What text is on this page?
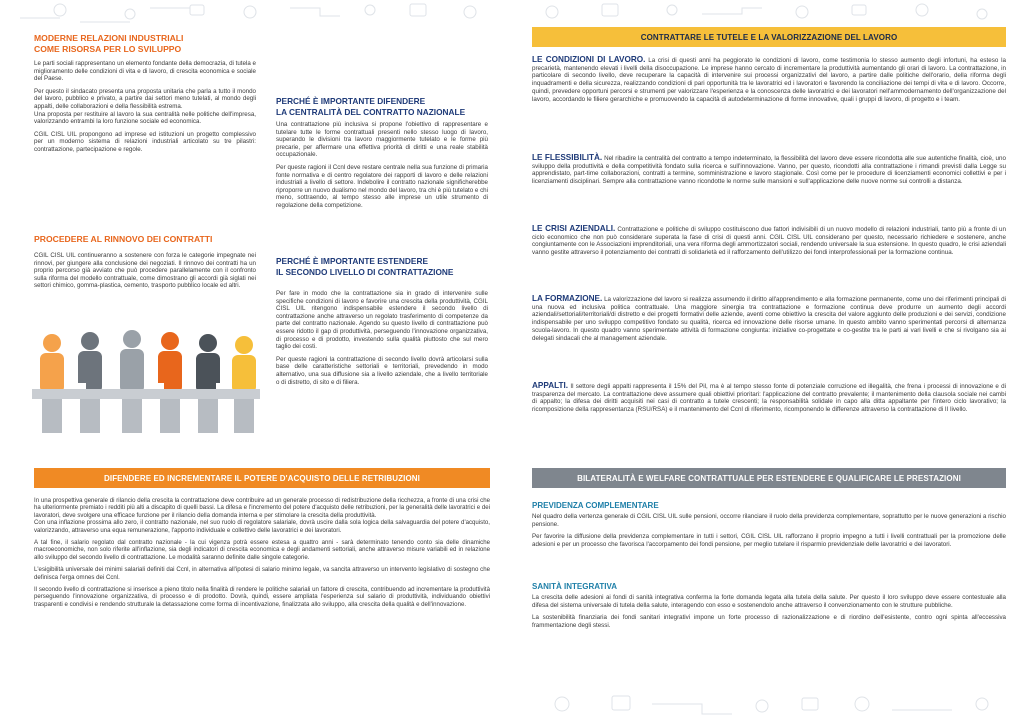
MODERNE RELAZIONI INDUSTRIALI
COME RISORSA PER LO SVILUPPO

Le parti sociali rappresentano un elemento fondante della democrazia, di tutela e miglioramento delle condizioni di vita e di lavoro, di crescita economica e sociale del Paese.

Per questo il sindacato presenta una proposta unitaria che parla a tutto il mondo del lavoro, pubblico e privato, a partire dai settori meno tutelati, al mondo degli appalti, delle collaborazioni e della flessibilità estrema.

Una proposta per restituire al lavoro la sua centralità nelle politiche dell'impresa, valorizzando entrambi la loro funzione sociale ed economica.

CGIL CISL UIL propongono ad imprese ed istituzioni un progetto complessivo per un moderno sistema di relazioni industriali articolato su tre pilastri: contrattazione, partecipazione e regole.

PROCEDERE AL RINNOVO DEI CONTRATTI

CGIL CISL UIL continueranno a sostenere con forza le categorie impegnate nei rinnovi, per giungere alla conclusione dei negoziati. Il rinnovo dei contratti ha un proprio percorso già avviato che può procedere parallelamente con il confronto sulla riforma del modello contrattuale, come dimostrano gli accordi già siglati nei settori chimico, gomma-plastica, cemento, trasporto pubblico locale ed altri.

PERCHÉ È IMPORTANTE DIFENDERE
LA CENTRALITÀ DEL CONTRATTO NAZIONALE

Una contrattazione più inclusiva si propone l'obiettivo di rappresentare e tutelare tutte le forme contrattuali presenti nello stesso luogo di lavoro, superando le divisioni tra lavoro maggiormente tutelato e le forme più precarie, per affermare una effettiva priorità di diritti e una reale stabilità occupazionale.

Per queste ragioni il Ccnl deve restare centrale nella sua funzione di primaria fonte normativa e di centro regolatore dei rapporti di lavoro e delle relazioni industriali a livello di settore. Indebolire il contratto nazionale significherebbe riproporre un nuovo dualismo nel mondo del lavoro, tra chi è più tutelato e chi meno, sottraendo, al tempo stesso alle imprese un utile strumento di regolazione della competizione.

PERCHÉ È IMPORTANTE ESTENDERE
IL SECONDO LIVELLO DI CONTRATTAZIONE

Per fare in modo che la contrattazione sia in grado di intervenire sulle specifiche condizioni di lavoro e favorire una crescita della produttività, CGIL CISL UIL ritengono indispensabile estendere il secondo livello di contrattazione anche attraverso un regolato trasferimento di competenze da parte del contratto nazionale. Agendo su questo livello di contrattazione può essere ridotto il gap di produttività, perseguendo l'innovazione organizzativa, di processo e di prodotto, investendo sulla qualità piuttosto che sul mero taglio dei costi.

Per queste ragioni la contrattazione di secondo livello dovrà articolarsi sulla base delle caratteristiche settoriali e territoriali, prevedendo in modo alternativo, una sua diffusione sia a livello aziendale, che a livello territoriale o di distretto, di sito e di filiera.

DIFENDERE ED INCREMENTARE IL POTERE D'ACQUISTO DELLE RETRIBUZIONI

In una prospettiva generale di rilancio della crescita la contrattazione deve contribuire ad un generale processo di redistribuzione della ricchezza, a fronte di una crisi che ha ulteriormente premiato i redditi più alti a discapito di quelli bassi. La difesa e l'incremento del potere d'acquisto delle retribuzioni, per la generalità delle lavoratrici e dei lavoratori, deve svolgere una efficace funzione per il rilancio della domanda interna e per stimolare la crescita della produttività.

Con una inflazione prossima allo zero, il contratto nazionale, nel suo ruolo di regolatore salariale, dovrà uscire dalla sola logica della salvaguardia del potere d'acquisto, valorizzando, attraverso una equa remunerazione, l'apporto individuale e collettivo delle lavoratrici e dei lavoratori.

A tal fine, il salario regolato dal contratto nazionale - la cui vigenza potrà essere estesa a quattro anni - sarà determinato tenendo conto sia delle dinamiche macroeconomiche, non solo riferite all'inflazione, sia degli indicatori di crescita economica e degli andamenti settoriali, anche attraverso misure variabili ed in relazione allo sviluppo del secondo livello di contrattazione. Le modalità saranno definite dalle singole categorie.

L'esigibilità universale dei minimi salariali definiti dai Ccnl, in alternativa all'ipotesi di salario minimo legale, va sancita attraverso un intervento legislativo di sostegno che definisca l'erga omnes dei Ccnl.

Il secondo livello di contrattazione si inserisce a pieno titolo nella finalità di rendere le politiche salariali un fattore di crescita, contribuendo ad incrementare la produttività perseguendo l'innovazione organizzativa, di processo e di prodotto. Dovrà, quindi, essere ampliata l'esperienza sul salario di produttività, individuando obiettivi trasparenti e condivisi e rendendo strutturale la detassazione come forma di incentivazione, finalizzata allo sviluppo, alla crescita della qualità e dell'innovazione.

CONTRATTARE LE TUTELE E LA VALORIZZAZIONE DEL LAVORO
LE CONDIZIONI DI LAVORO. La crisi di questi anni ha peggiorato le condizioni di lavoro, come testimonia lo stesso aumento degli infortuni, ha esteso la precarietà, mantenendo elevati i livelli della disoccupazione. Le imprese hanno cercato di incrementare la produttività aumentando gli orari di lavoro. La contrattazione, in particolare di secondo livello, deve recuperare la capacità di intervenire sui processi organizzativi del lavoro, a partire dalle politiche dell'orario, della riforma degli inquadramenti e della sicurezza, realizzando condizioni di pari opportunità tra le lavoratrici ed i lavoratori e favorendo la conciliazione dei tempi di vita e di lavoro. Occorre, quindi, prevedere opportuni percorsi e strumenti per valorizzare l'esperienza e la conoscenza delle lavoratrici e dei lavoratori nell'ammodernamento dell'organizzazione del lavoro, accordando le filiere gerarchiche e promuovendo la capacità di autodeterminazione di forme innovative, quali i gruppi di lavoro, di progetto e i team.
LE FLESSIBILITÀ. Nel ribadire la centralità del contratto a tempo indeterminato, la flessibilità del lavoro deve essere ricondotta alle sue autentiche finalità, cioè, uno sviluppo della produttività e della competitività fondato sulla ricerca e sull'innovazione. Vanno, per questo, ricondotti alla contrattazione i rimandi previsti dalla Legge su apprendistato, part-time collaborazioni, contratti a termine, somministrazione e lavoro stagionale. Così come per le procedure di licenziamenti economici collettivi e per i licenziamenti disciplinari. Sempre alla contrattazione vanno ricondotte le norme sulle mansioni e sull'applicazione delle nuove norme sui controlli a distanza.
LE CRISI AZIENDALI. Contrattazione e politiche di sviluppo costituiscono due fattori indivisibili di un nuovo modello di relazioni industriali, tanto più a fronte di un ciclo economico che non può considerare superata la fase di crisi di questi anni. CGIL CISL UIL considerano per questo, necessario richiedere e sostenere, anche congiuntamente con le Associazioni imprenditoriali, una vera riforma degli ammortizzatori sociali, rendendo universale la sua estensione. In questo quadro, le crisi aziendali vanno gestite attraverso il potenziamento dei contratti di solidarietà ed il rafforzamento dell'utilizzo dei fondi interprofessionali per la formazione continua.
LA FORMAZIONE. La valorizzazione del lavoro si realizza assumendo il diritto all'apprendimento e alla formazione permanente, come uno dei riferimenti principali di una nuova ed inclusiva politica contrattuale. Una maggiore sinergia tra contrattazione e formazione continua deve produrre un aumento degli accordi aziendali/settoriali/territoriali/di distretto e dei progetti formativi delle aziende, aventi come obiettivo la crescita del valore aggiunto delle produzioni e dei servizi, condizione indispensabile per uno sviluppo competitivo fondato su qualità, ricerca ed innovazione delle risorse umane. In questo ambito vanno sperimentati percorsi di alternanza scuola-lavoro. In questo quadro vanno sperimentate attività di formazione congiunta: iniziative co-progettate e co-gestite tra le parti ai vari livelli e che si rivolgano sia ai delegati sindacali che al management aziendale.
APPALTI. Il settore degli appalti rappresenta il 15% del Pil, ma è al tempo stesso fonte di potenziale corruzione ed illegalità, che frena i processi di innovazione e di trasparenza del mercato. La contrattazione deve assumere quali obiettivi prioritari: l'applicazione del contratto prevalente; il mantenimento della clausola sociale nei cambi di appalto; la difesa dei diritti acquisiti nei casi di contratto a tutele crescenti; la responsabilità solidale in capo alla ditta appaltante per l'intero ciclo lavorativo; la ricomposizione della rappresentanza (RSU/RSA) e il mantenimento del Ccnl di riferimento, ricomponendo le differenze attraverso la contrattazione di II livello.
BILATERALITÀ E WELFARE CONTRATTUALE PER ESTENDERE E QUALIFICARE LE PRESTAZIONI
PREVIDENZA COMPLEMENTARE

Nel quadro della vertenza generale di CGIL CISL UIL sulle pensioni, occorre rilanciare il ruolo della previdenza complementare, soprattutto per le nuove generazioni a rischio pensione.

Per favorire la diffusione della previdenza complementare in tutti i settori, CGIL CISL UIL rafforzano il proprio impegno a tutti i livelli contrattuali per la promozione delle adesioni e per un processo che favorisca l'accorpamento dei fondi pensione, per meglio tutelare il risparmio previdenziale delle lavoratrici e dei lavoratori.

SANITÀ INTEGRATIVA

La crescita delle adesioni ai fondi di sanità integrativa conferma la forte domanda legata alla tutela della salute. Per questo il loro sviluppo deve essere contestuale alla difesa del sistema universale di tutela della salute, interagendo con esso e sostenendolo anche attraverso il convenzionamento con le strutture pubbliche.

La sostenibilità finanziaria dei fondi sanitari integrativi impone un forte processo di razionalizzazione e di riordino dell'esistente, contro ogni spinta all'eccessiva frammentazione degli stessi.
